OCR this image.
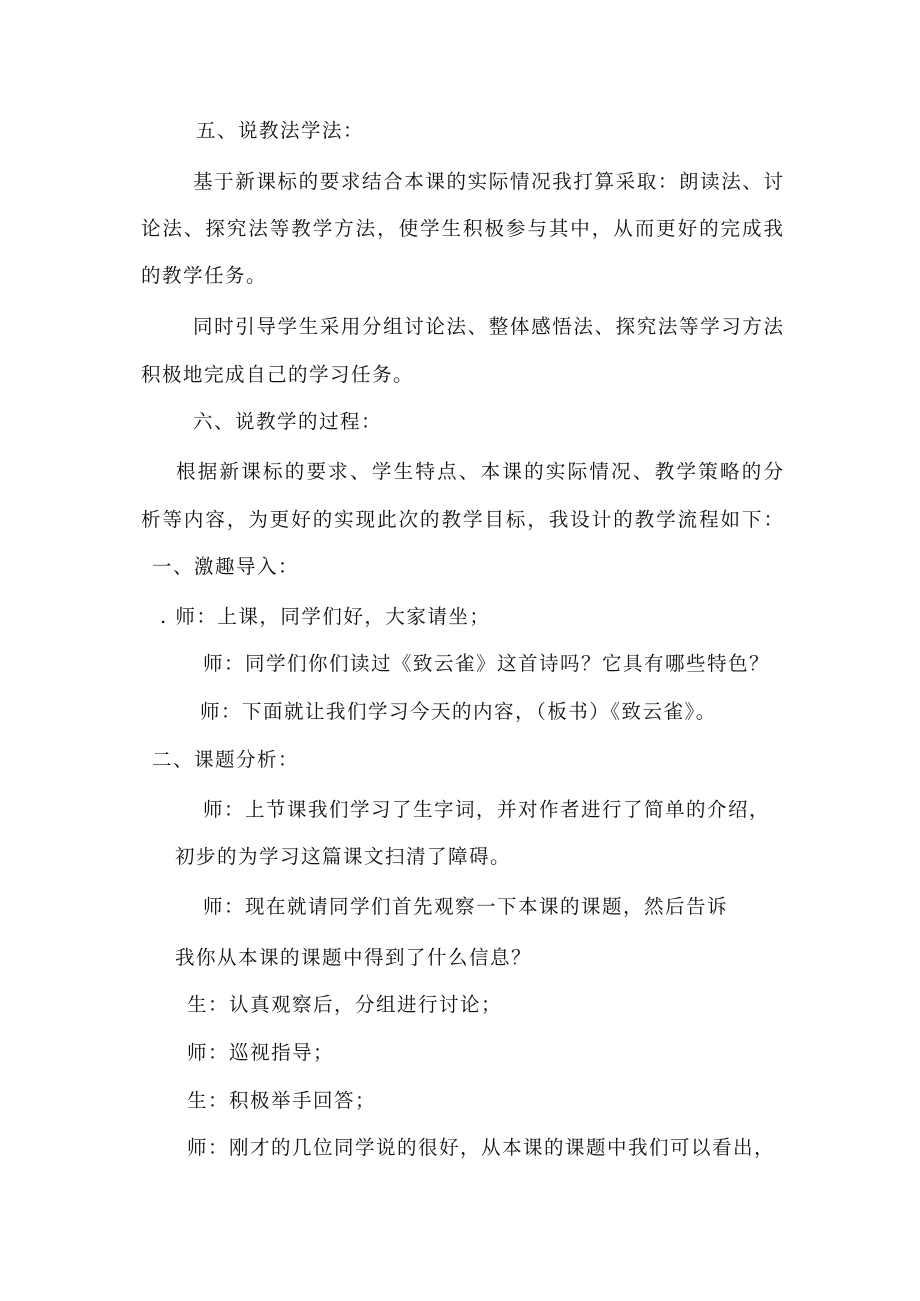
五、说教法学法：

基于新课标的要求结合本课的实际情况我打算采取：朗读法、讨

论法、探究法等教学方法，使学生积极参与其中，从而更好的完成我

的教学任务。

同时引导学生采用分组讨论法、整体感悟法、探究法等学习方法

积极地完成自己的学习任务。

六、说教学的过程：

根据新课标的要求、学生特点、本课的实际情况、教学策略的分

析等内容，为更好的实现此次的教学目标，我设计的教学流程如下：

一、激趣导入：

. 师：上课，同学们好，大家请坐；

师：同学们你们读过《致云雀》这首诗吗？它具有哪些特色？

师：下面就让我们学习今天的内容，（板书）《致云雀》。

二、课题分析：

师：上节课我们学习了生字词，并对作者进行了简单的介绍，

初步的为学习这篇课文扫清了障碍。

师：现在就请同学们首先观察一下本课的课题，然后告诉

我你从本课的课题中得到了什么信息？

生：认真观察后，分组进行讨论；

师：巡视指导；

生：积极举手回答；

师：刚才的几位同学说的很好，从本课的课题中我们可以看出，
